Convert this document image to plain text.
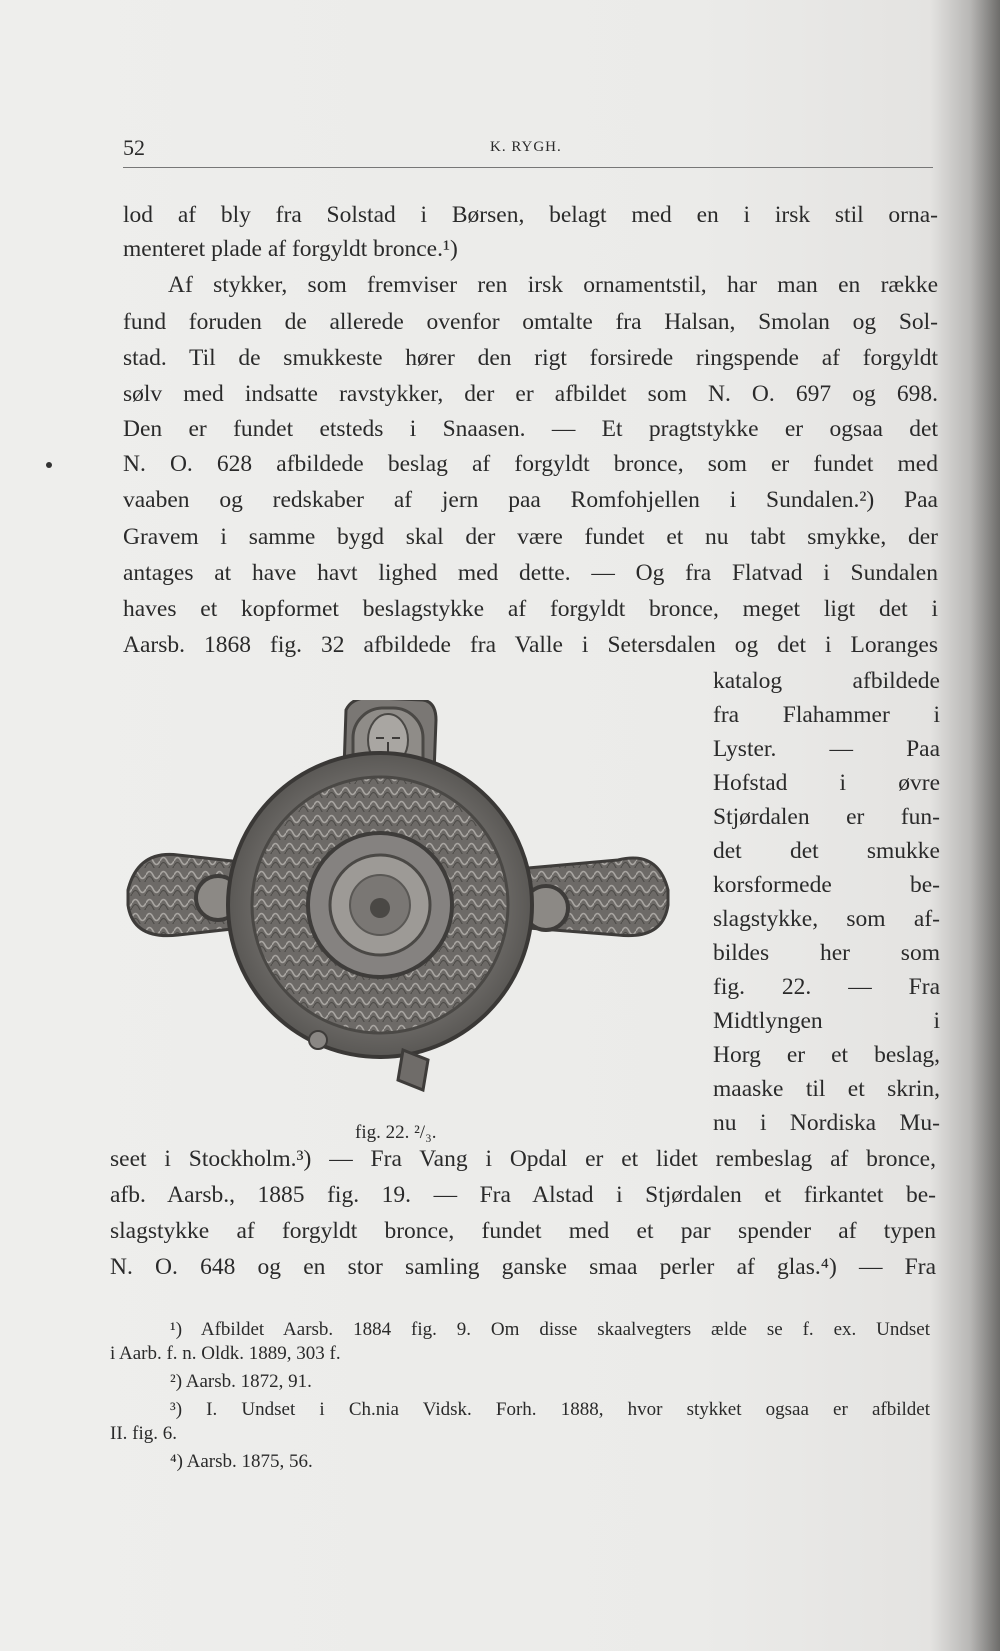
52	K. RYGH.
lod af bly fra Solstad i Børsen, belagt med en i irsk stil orna-
menteret plade af forgyldt bronce.¹)
Af stykker, som fremviser ren irsk ornamentstil, har man en række
fund foruden de allerede ovenfor omtalte fra Halsan, Smolan og Sol-
stad. Til de smukkeste hører den rigt forsirede ringspende af forgyldt
sølv med indsatte ravstykker, der er afbildet som N. O. 697 og 698.
Den er fundet etsteds i Snaasen. — Et pragtstykke er ogsaa det
N. O. 628 afbildede beslag af forgyldt bronce, som er fundet med
vaaben og redskaber af jern paa Romfohjellen i Sundalen.²) Paa
Gravem i samme bygd skal der være fundet et nu tabt smykke, der
antages at have havt lighed med dette. — Og fra Flatvad i Sundalen
haves et kopformet beslagstykke af forgyldt bronce, meget ligt det i
Aarsb. 1868 fig. 32 afbildede fra Valle i Setersdalen og det i Loranges
katalog afbildede
fra Flahammer i
Lyster. — Paa
Hofstad i øvre
Stjørdalen er fun-
det det smukke
korsformede be-
slagstykke, som af-
bildes her som
fig. 22. — Fra
Midtlyngen i
Horg er et beslag,
maaske til et skrin,
nu i Nordiska Mu-
fig. 22. ²/₃.
seet i Stockholm.³) — Fra Vang i Opdal er et lidet rembeslag af bronce,
afb. Aarsb., 1885 fig. 19. — Fra Alstad i Stjørdalen et firkantet be-
slagstykke af forgyldt bronce, fundet med et par spender af typen
N. O. 648 og en stor samling ganske smaa perler af glas.⁴) — Fra
¹) Afbildet Aarsb. 1884 fig. 9. Om disse skaalvegters ælde se f. ex. Undset
i Aarb. f. n. Oldk. 1889, 303 f.
²) Aarsb. 1872, 91.
³) I. Undset i Ch.nia Vidsk. Forh. 1888, hvor stykket ogsaa er afbildet
II. fig. 6.
⁴) Aarsb. 1875, 56.
